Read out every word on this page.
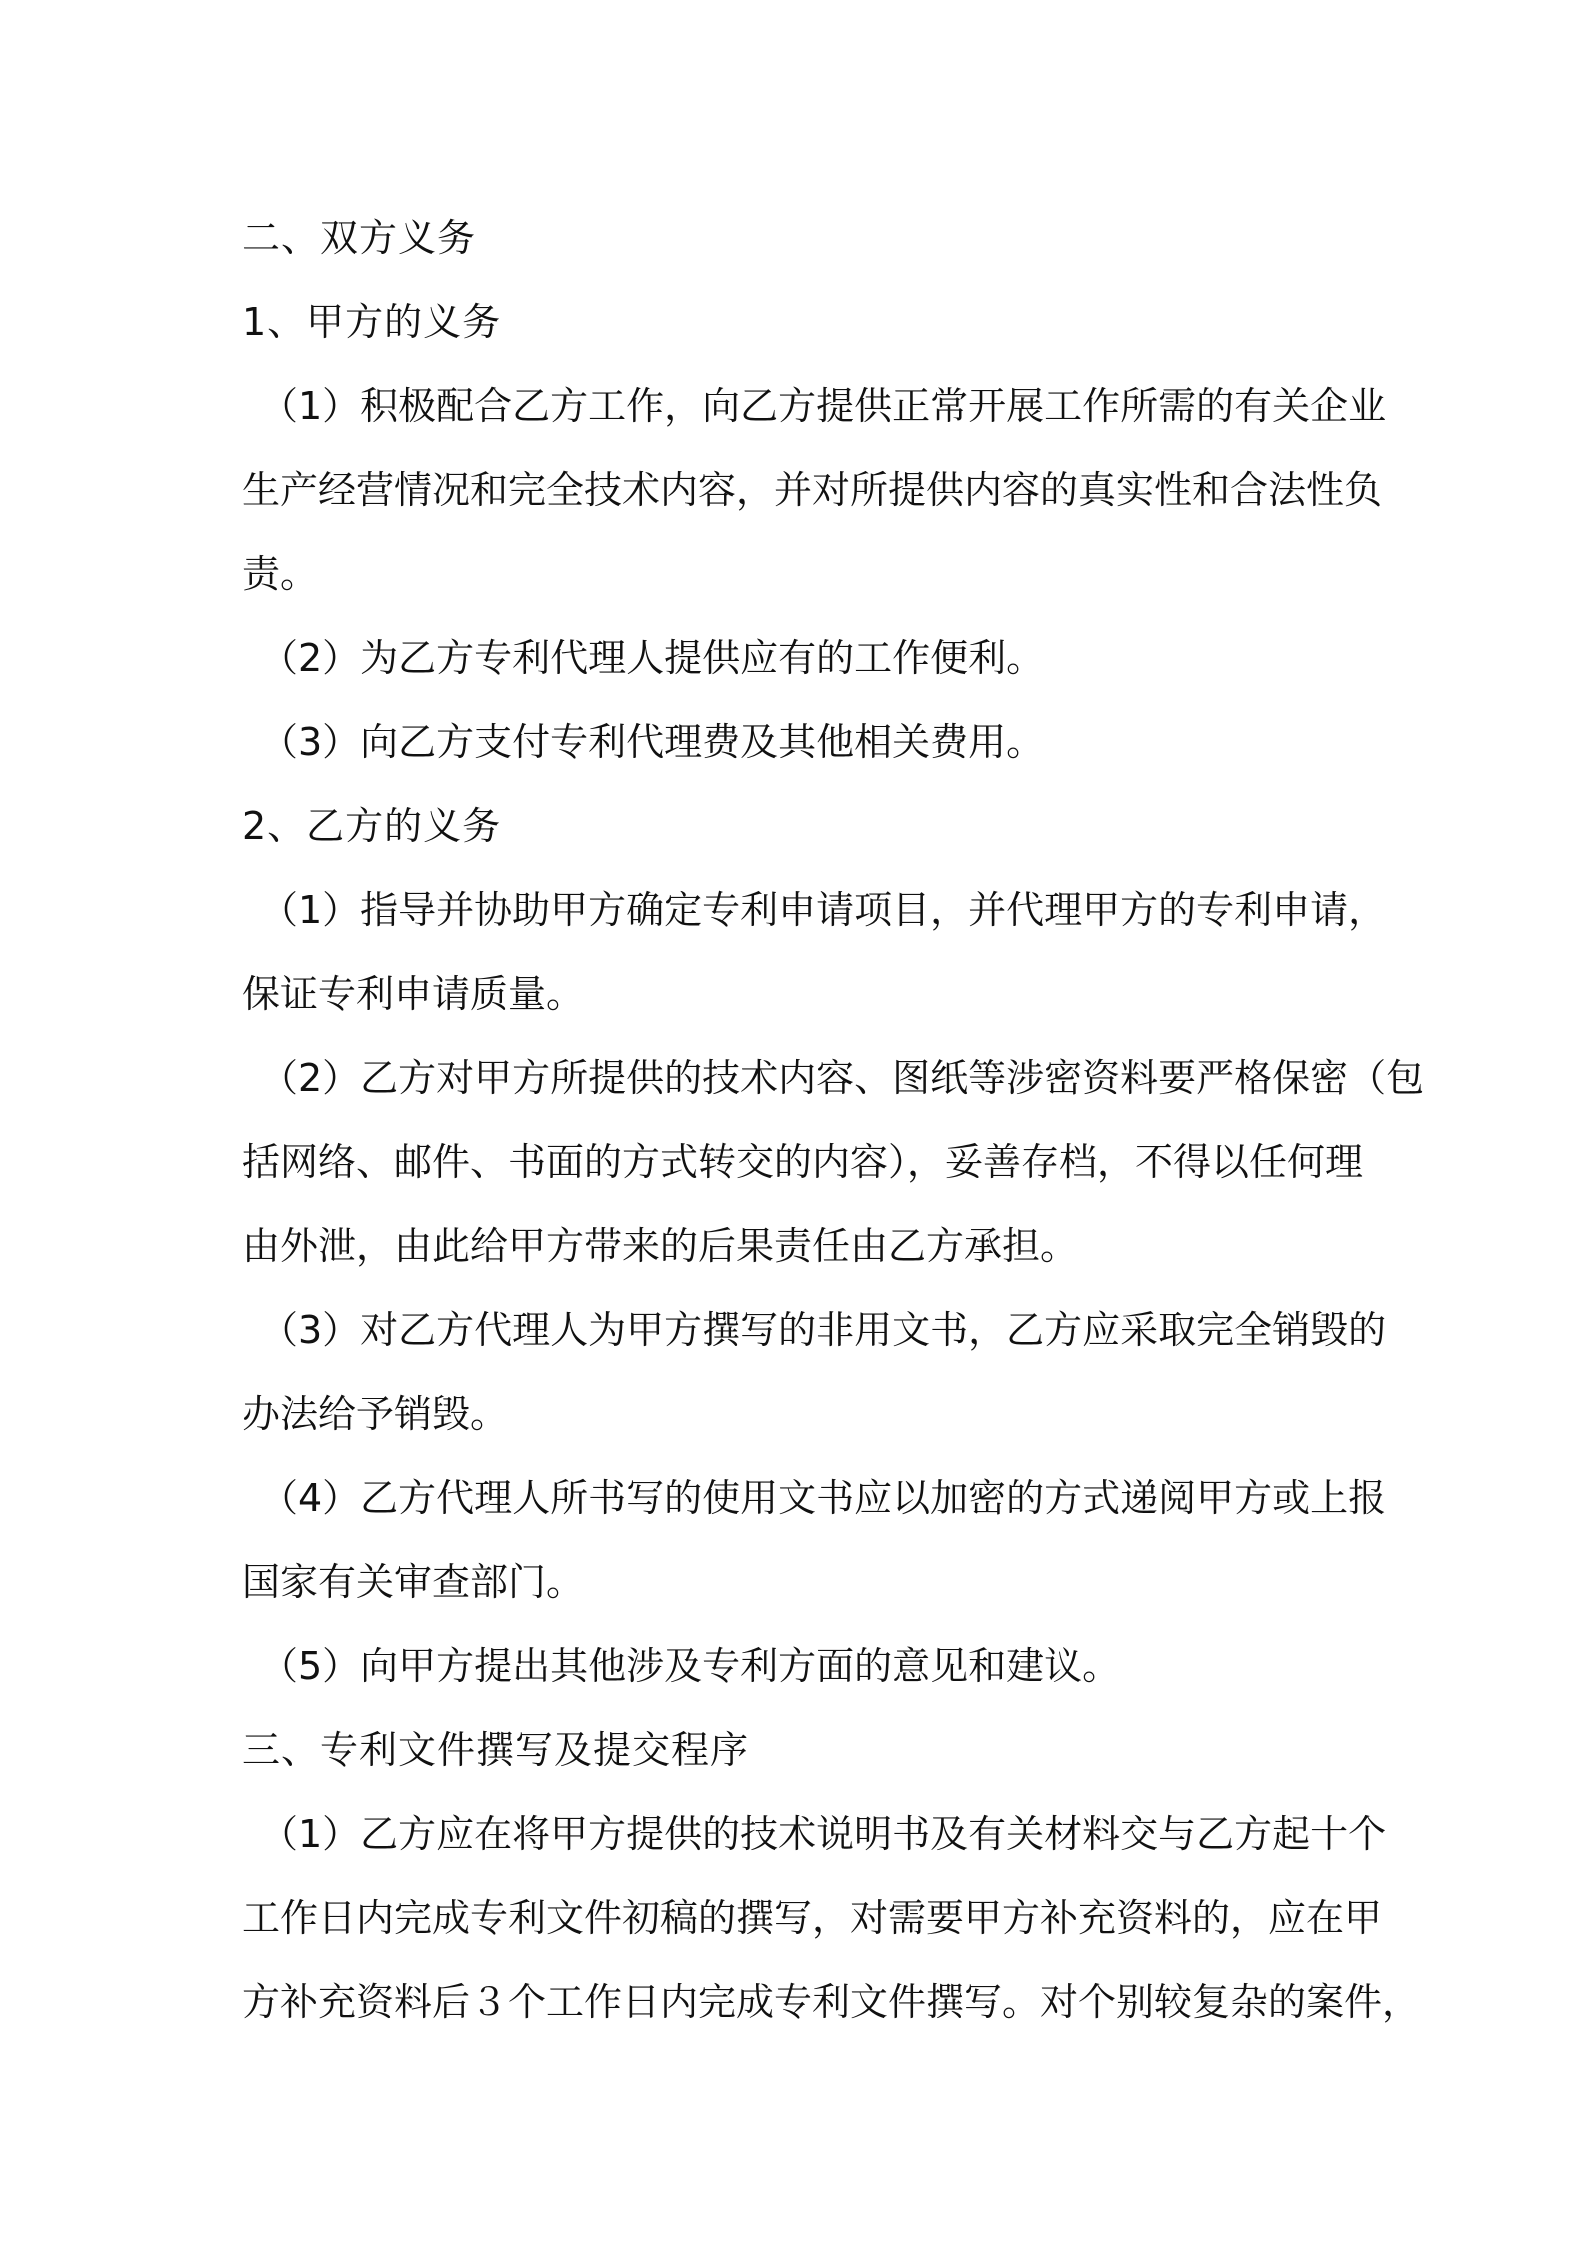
二、双方义务
1、甲方的义务
（1）积极配合乙方工作，向乙方提供正常开展工作所需的有关企业
生产经营情况和完全技术内容，并对所提供内容的真实性和合法性负
责。
（2）为乙方专利代理人提供应有的工作便利。
（3）向乙方支付专利代理费及其他相关费用。
2、乙方的义务
（1）指导并协助甲方确定专利申请项目，并代理甲方的专利申请，
保证专利申请质量。
（2）乙方对甲方所提供的技术内容、图纸等涉密资料要严格保密（包
括网络、邮件、书面的方式转交的内容），妥善存档，不得以任何理
由外泄，由此给甲方带来的后果责任由乙方承担。
（3）对乙方代理人为甲方撰写的非用文书，乙方应采取完全销毁的
办法给予销毁。
（4）乙方代理人所书写的使用文书应以加密的方式递阅甲方或上报
国家有关审查部门。
（5）向甲方提出其他涉及专利方面的意见和建议。
三、专利文件撰写及提交程序
（1）乙方应在将甲方提供的技术说明书及有关材料交与乙方起十个
工作日内完成专利文件初稿的撰写，对需要甲方补充资料的，应在甲
方补充资料后３个工作日内完成专利文件撰写。对个别较复杂的案件，
